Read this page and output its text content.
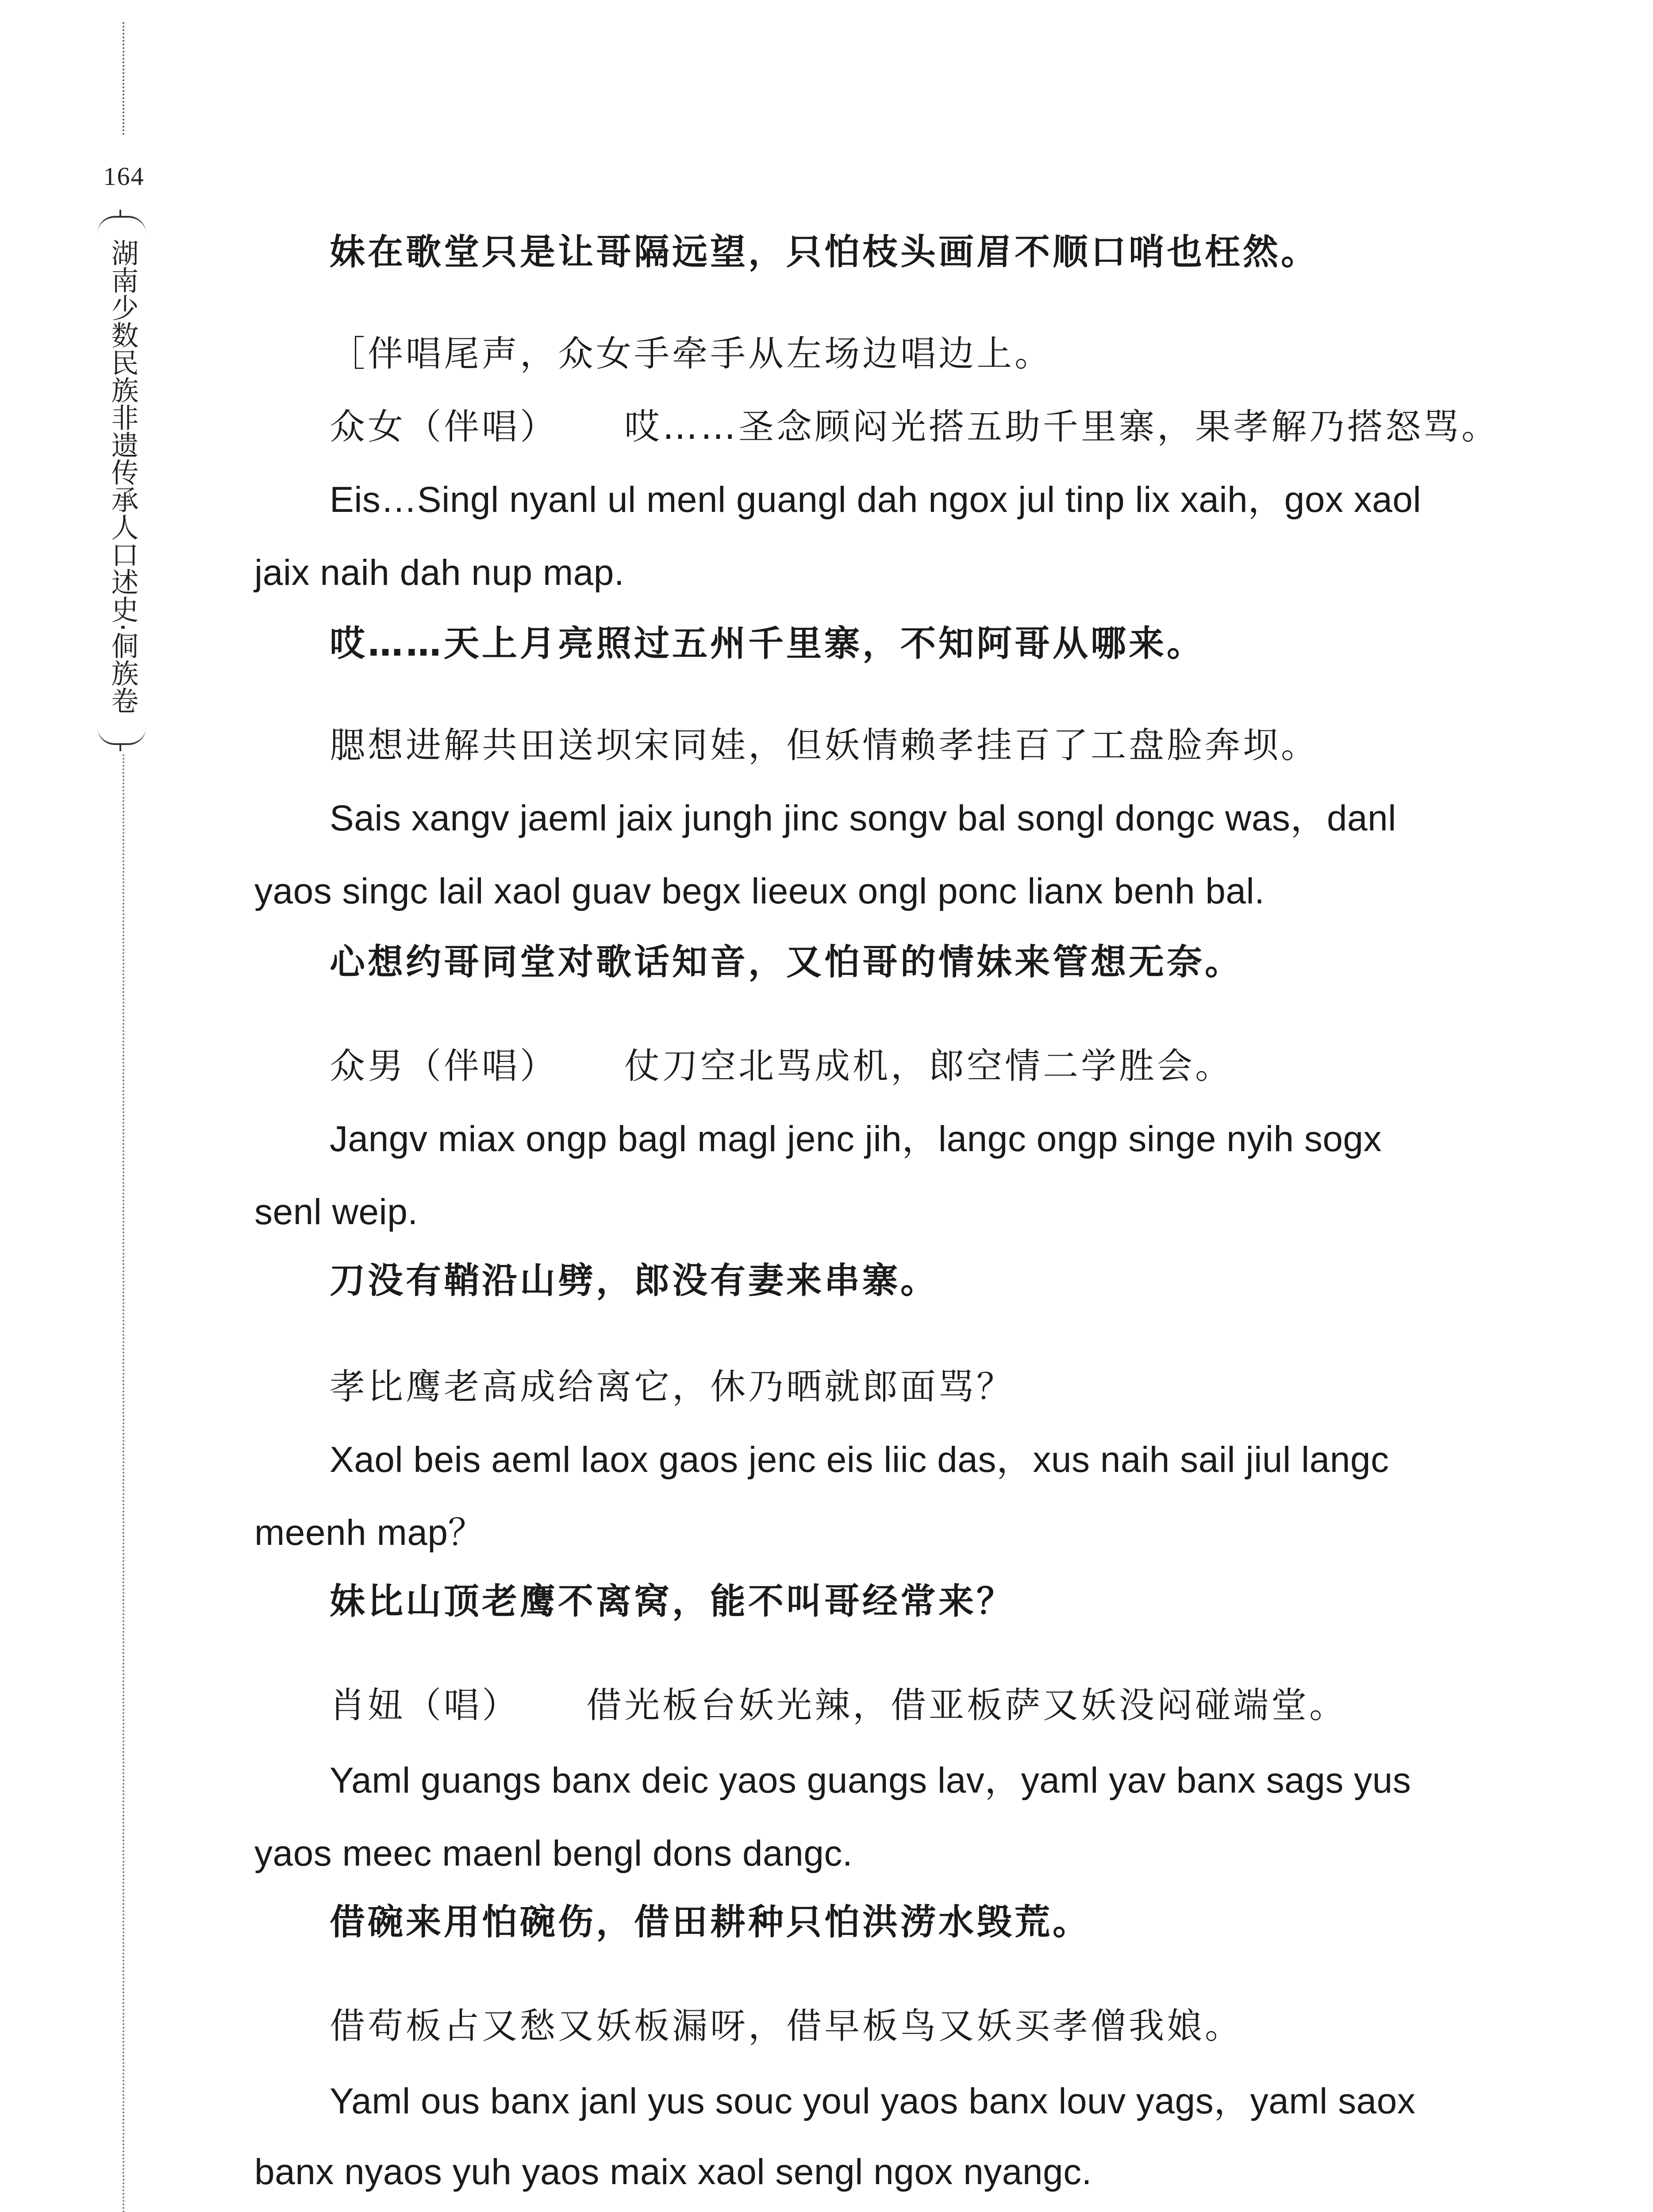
164
湖南少数民族非遗传承人口述史·侗族卷	妹在歌堂只是让哥隔远望，只怕枝头画眉不顺口哨也枉然。
［伴唱尾声，众女手牵手从左场边唱边上。
众女（伴唱） 哎……圣念顾闷光搭五助千里寨，果孝解乃搭怒骂。
Eis…Singl nyanl ul menl guangl dah ngox jul tinp lix xaih，gox xaol
jaix naih dah nup map.
哎……天上月亮照过五州千里寨，不知阿哥从哪来。
腮想进解共田送坝宋同娃，但妖情赖孝挂百了工盘脸奔坝。
Sais xangv jaeml jaix jungh jinc songv bal songl dongc was，danl
yaos singc lail xaol guav begx lieeux ongl ponc lianx benh bal.
心想约哥同堂对歌话知音，又怕哥的情妹来管想无奈。
众男（伴唱） 仗刀空北骂成机，郎空情二学胜会。
Jangv miax ongp bagl magl jenc jih，langc ongp singe nyih sogx
senl weip.
刀没有鞘沿山劈，郎没有妻来串寨。
孝比鹰老高成给离它，休乃晒就郎面骂？
Xaol beis aeml laox gaos jenc eis liic das，xus naih sail jiul langc
meenh map？
妹比山顶老鹰不离窝，能不叫哥经常来？
肖妞（唱） 借光板台妖光辣，借亚板萨又妖没闷碰端堂。
Yaml guangs banx deic yaos guangs lav，yaml yav banx sags yus
yaos meec maenl bengl dons dangc.
借碗来用怕碗伤，借田耕种只怕洪涝水毁荒。
借苟板占又愁又妖板漏呀，借早板鸟又妖买孝僧我娘。
Yaml ous banx janl yus souc youl yaos banx louv yags，yaml saox
banx nyaos yuh yaos maix xaol sengl ngox nyangc.
